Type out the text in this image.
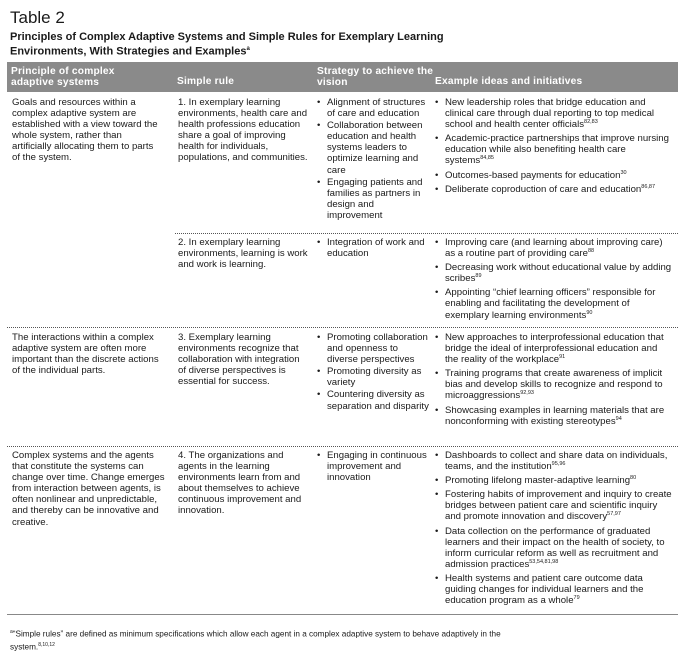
Table 2
Principles of Complex Adaptive Systems and Simple Rules for Exemplary Learning Environments, With Strategies and Examples$^a$
Principle of complex adaptive systems	Simple rule
Strategy to achieve the vision	Example ideas and initiatives
Goals and resources within a complex adaptive system are established with a view toward the whole system, rather than artificially allocating them to parts of the system.
1. In exemplary learning environments, health care and health professions education share a goal of improving health for individuals, populations, and communities.

• Alignment of structures of care and education

• Collaboration between education and health systems leaders to optimize learning and care

• Engaging patients and families as partners in design and improvement

• New leadership roles that bridge education and clinical care through dual reporting to top medical school and health center officials$^{82,83}$

• Academic-practice partnerships that improve nursing education while also benefiting health care systems$^{84,85}$

• Outcomes-based payments for education$^{30}$

• Deliberate coproduction of care and education$^{86,87}$

2. In exemplary learning environments, learning is work and work is learning.

• Integration of work and education

• Improving care (and learning about improving care) as a routine part of providing care$^{88}$

• Decreasing work without educational value by adding scribes$^{89}$

• Appointing “chief learning officers” responsible for enabling and facilitating the development of exemplary learning environments$^{90}$

The interactions within a complex adaptive system are often more important than the discrete actions of the individual parts.
3. Exemplary learning environments recognize that collaboration with integration of diverse perspectives is essential for success.

• Promoting collaboration and openness to diverse perspectives

• Promoting diversity as variety

• Countering diversity as separation and disparity

• New approaches to interprofessional education that bridge the ideal of interprofessional education and the reality of the workplace$^{91}$

• Training programs that create awareness of implicit bias and develop skills to recognize and respond to microaggressions$^{92,93}$

• Showcasing examples in learning materials that are nonconforming with existing stereotypes$^{94}$

Complex systems and the agents that constitute the systems can change over time. Change emerges from interaction between agents, is often nonlinear and unpredictable, and thereby can be innovative and creative.
4. The organizations and agents in the learning environments learn from and about themselves to achieve continuous improvement and innovation.

• Engaging in continuous improvement and innovation

• Dashboards to collect and share data on individuals, teams, and the institution$^{95,96}$

• Promoting lifelong master-adaptive learning$^{80}$

• Fostering habits of improvement and inquiry to create bridges between patient care and scientific inquiry and promote innovation and discovery$^{57,97}$

• Data collection on the performance of graduated learners and their impact on the health of society, to inform curricular reform as well as recruitment and admission practices$^{53,54,81,98}$

• Health systems and patient care outcome data guiding changes for individual learners and the education program as a whole$^{79}$

$^a$“Simple rules” are defined as minimum specifications which allow each agent in a complex adaptive system to behave adaptively in the system.$^{8,10,12}$
